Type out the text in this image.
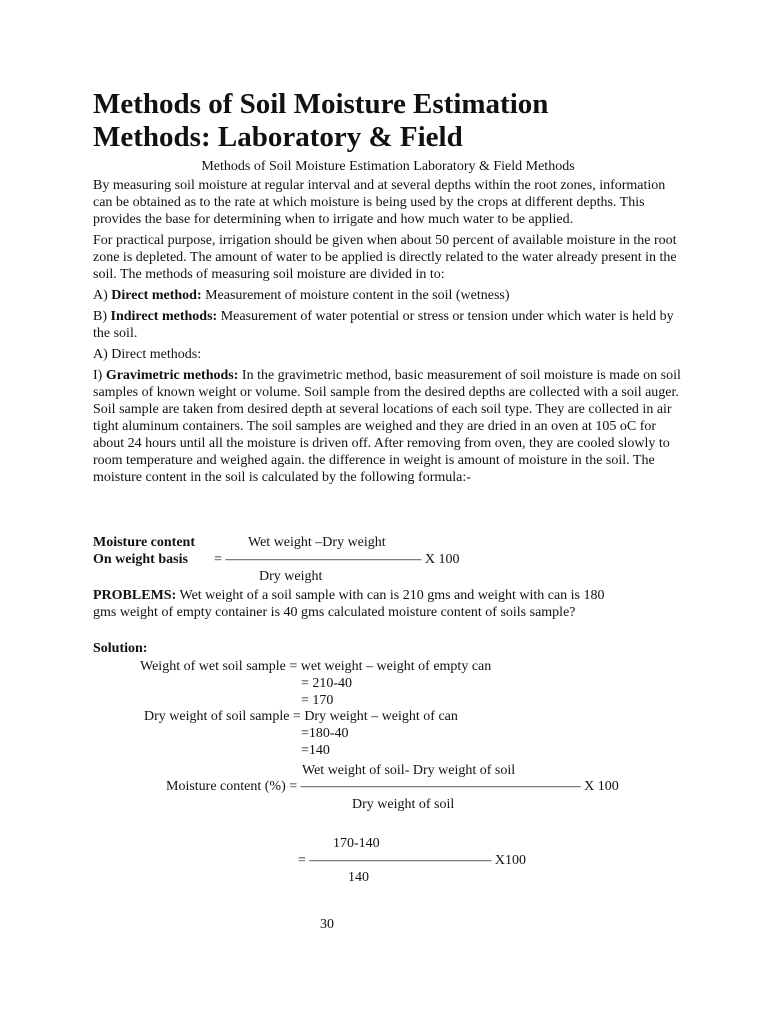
Methods of Soil Moisture Estimation
Methods: Laboratory & Field
Methods of Soil Moisture Estimation Laboratory & Field Methods

By measuring soil moisture at regular interval and at several depths within the root zones, information can be obtained as to the rate at which moisture is being used by the crops at different depths. This provides the base for determining when to irrigate and how much water to be applied.

For practical purpose, irrigation should be given when about 50 percent of available moisture in the root zone is depleted. The amount of water to be applied is directly related to the water already present in the soil. The methods of measuring soil moisture are divided in to:

A) Direct method: Measurement of moisture content in the soil (wetness)

B) Indirect methods: Measurement of water potential or stress or tension under which water is held by the soil.

A) Direct methods:

I) Gravimetric methods: In the gravimetric method, basic measurement of soil moisture is made on soil samples of known weight or volume. Soil sample from the desired depths are collected with a soil auger. Soil sample are taken from desired depth at several locations of each soil type. They are collected in air tight aluminum containers. The soil samples are weighed and they are dried in an oven at 105 oC for about 24 hours until all the moisture is driven off. After removing from oven, they are cooled slowly to room temperature and weighed again. the difference in weight is amount of moisture in the soil. The moisture content in the soil is calculated by the following formula:-

Moisture content
On weight basis
Wet weight –Dry weight
= —————————————— X 100
Dry weight
PROBLEMS: Wet weight of a soil sample with can is 210 gms and weight with can is 180 gms weight of empty container is 40 gms calculated moisture content of soils sample?
Solution:
Weight of wet soil sample = wet weight – weight of empty can
= 210-40
= 170
Dry weight of soil sample = Dry weight – weight of can
=180-40
=140
Wet weight of soil- Dry weight of soil
Moisture content (%) = ———————————————————— X 100
Dry weight of soil
170-140
= ————————————— X100
140
30
